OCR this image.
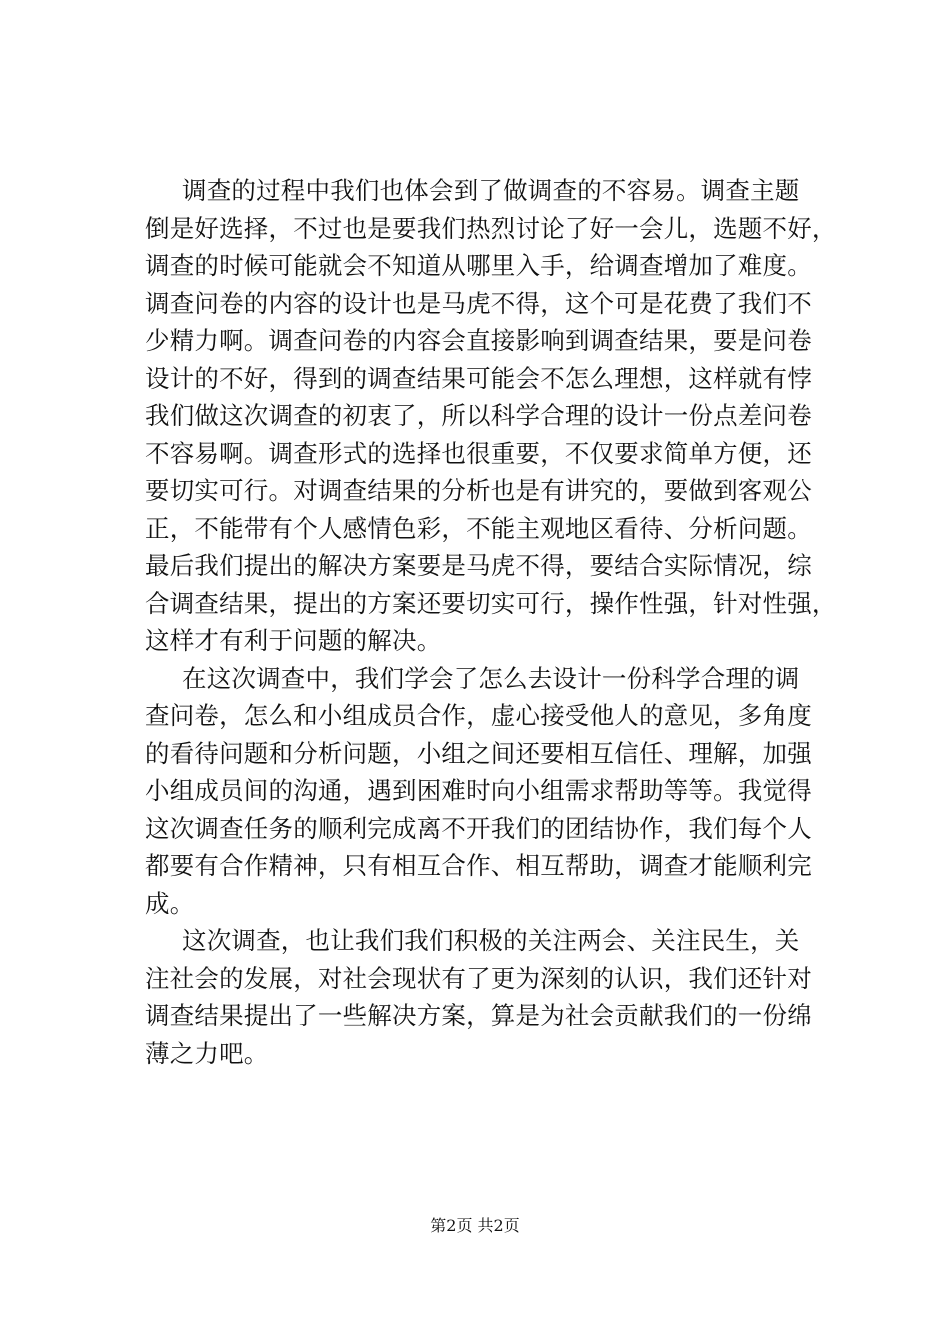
调查的过程中我们也体会到了做调查的不容易。调查主题
倒是好选择，不过也是要我们热烈讨论了好一会儿，选题不好，
调查的时候可能就会不知道从哪里入手，给调查增加了难度。
调查问卷的内容的设计也是马虎不得，这个可是花费了我们不
少精力啊。调查问卷的内容会直接影响到调查结果，要是问卷
设计的不好，得到的调查结果可能会不怎么理想，这样就有悖
我们做这次调查的初衷了，所以科学合理的设计一份点差问卷
不容易啊。调查形式的选择也很重要，不仅要求简单方便，还
要切实可行。对调查结果的分析也是有讲究的，要做到客观公
正，不能带有个人感情色彩，不能主观地区看待、分析问题。
最后我们提出的解决方案要是马虎不得，要结合实际情况，综
合调查结果，提出的方案还要切实可行，操作性强，针对性强，
这样才有利于问题的解决。
在这次调查中，我们学会了怎么去设计一份科学合理的调
查问卷，怎么和小组成员合作，虚心接受他人的意见，多角度
的看待问题和分析问题，小组之间还要相互信任、理解，加强
小组成员间的沟通，遇到困难时向小组需求帮助等等。我觉得
这次调查任务的顺利完成离不开我们的团结协作，我们每个人
都要有合作精神，只有相互合作、相互帮助，调查才能顺利完
成。
这次调查，也让我们我们积极的关注两会、关注民生，关
注社会的发展，对社会现状有了更为深刻的认识，我们还针对
调查结果提出了一些解决方案，算是为社会贡献我们的一份绵
薄之力吧。
第2页 共2页
